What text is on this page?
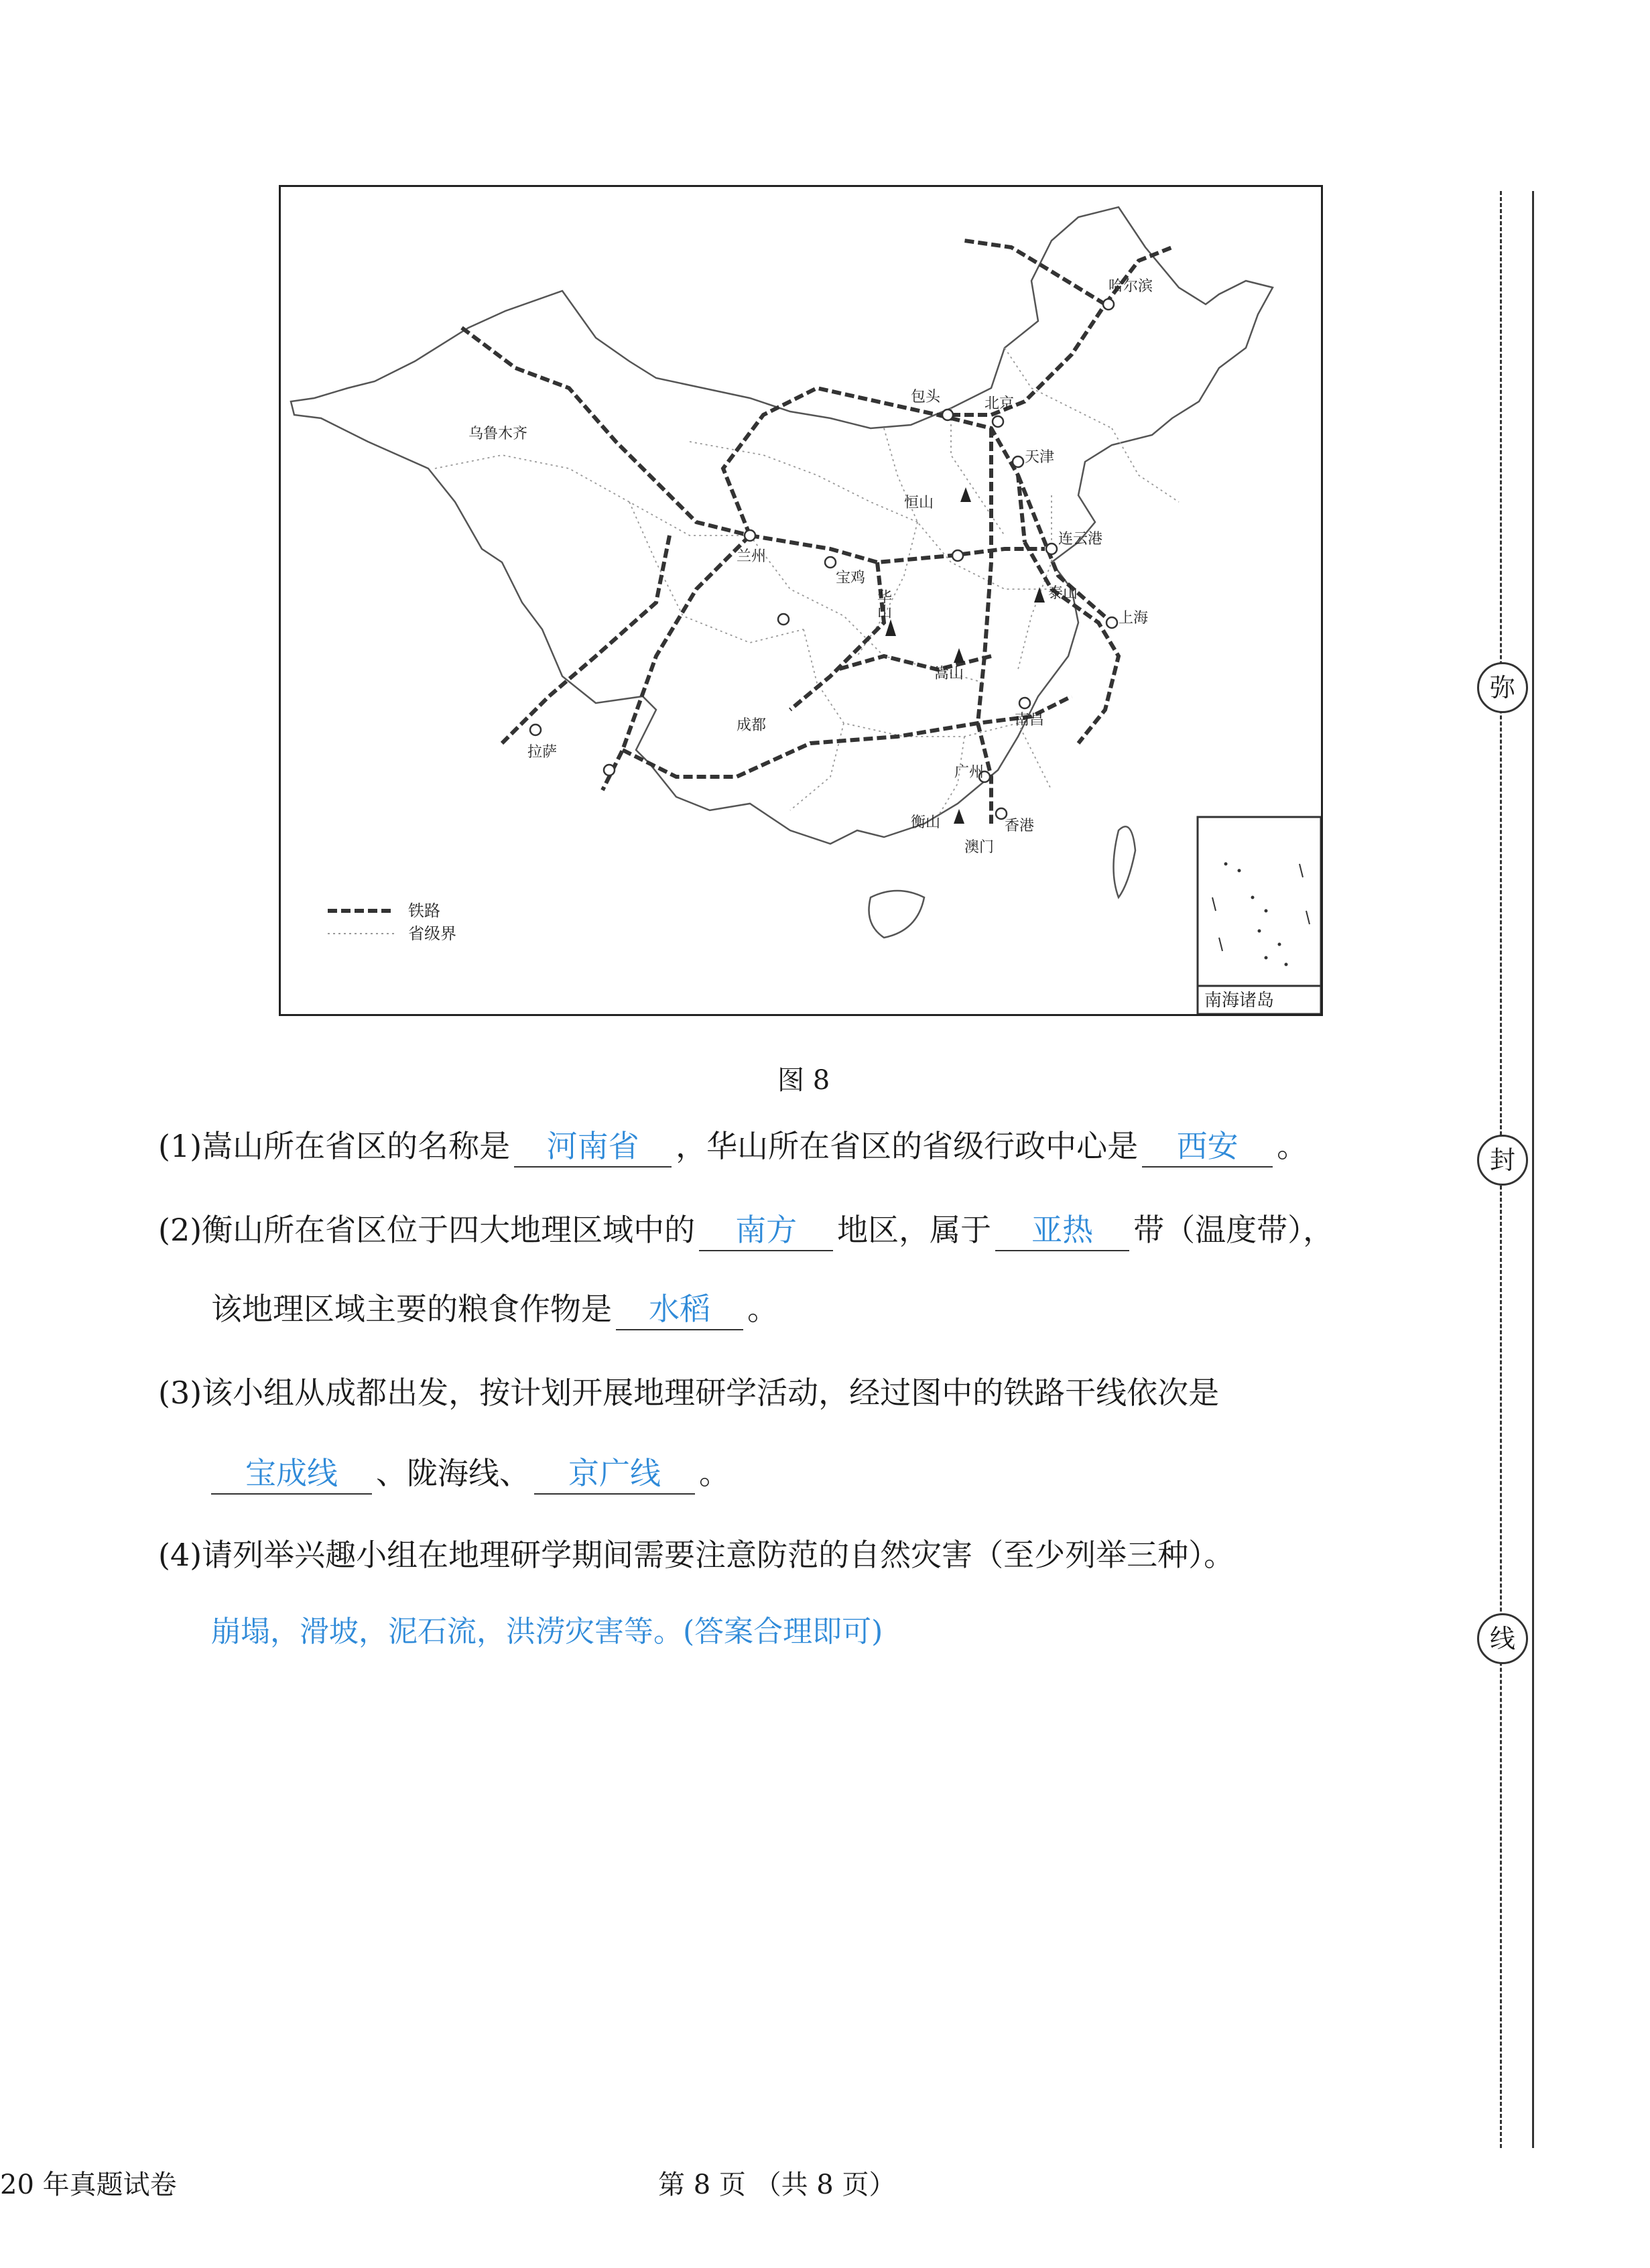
乌鲁木齐
拉萨
兰州
包头	北京
天津
哈尔滨
连云港
宝鸡
成都
上海
南昌
广州
香港
澳门
恒山
华山	泰山
嵩山
衡山
铁路
省级界
南海诸岛
图 8
(1)嵩山所在省区的名称是 河南省 ，华山所在省区的省级行政中心是 西安 。
(2)衡山所在省区位于四大地理区域中的 南方 地区，属于 亚热 带（温度带），
该地理区域主要的粮食作物是 水稻 。
(3)该小组从成都出发，按计划开展地理研学活动，经过图中的铁路干线依次是
宝成线 、陇海线、 京广线 。
(4)请列举兴趣小组在地理研学期间需要注意防范的自然灾害（至少列举三种）。
崩塌，滑坡，泥石流，洪涝灾害等。(答案合理即可)
弥
封
线
20 年真题试卷	第 8 页 （共 8 页）
